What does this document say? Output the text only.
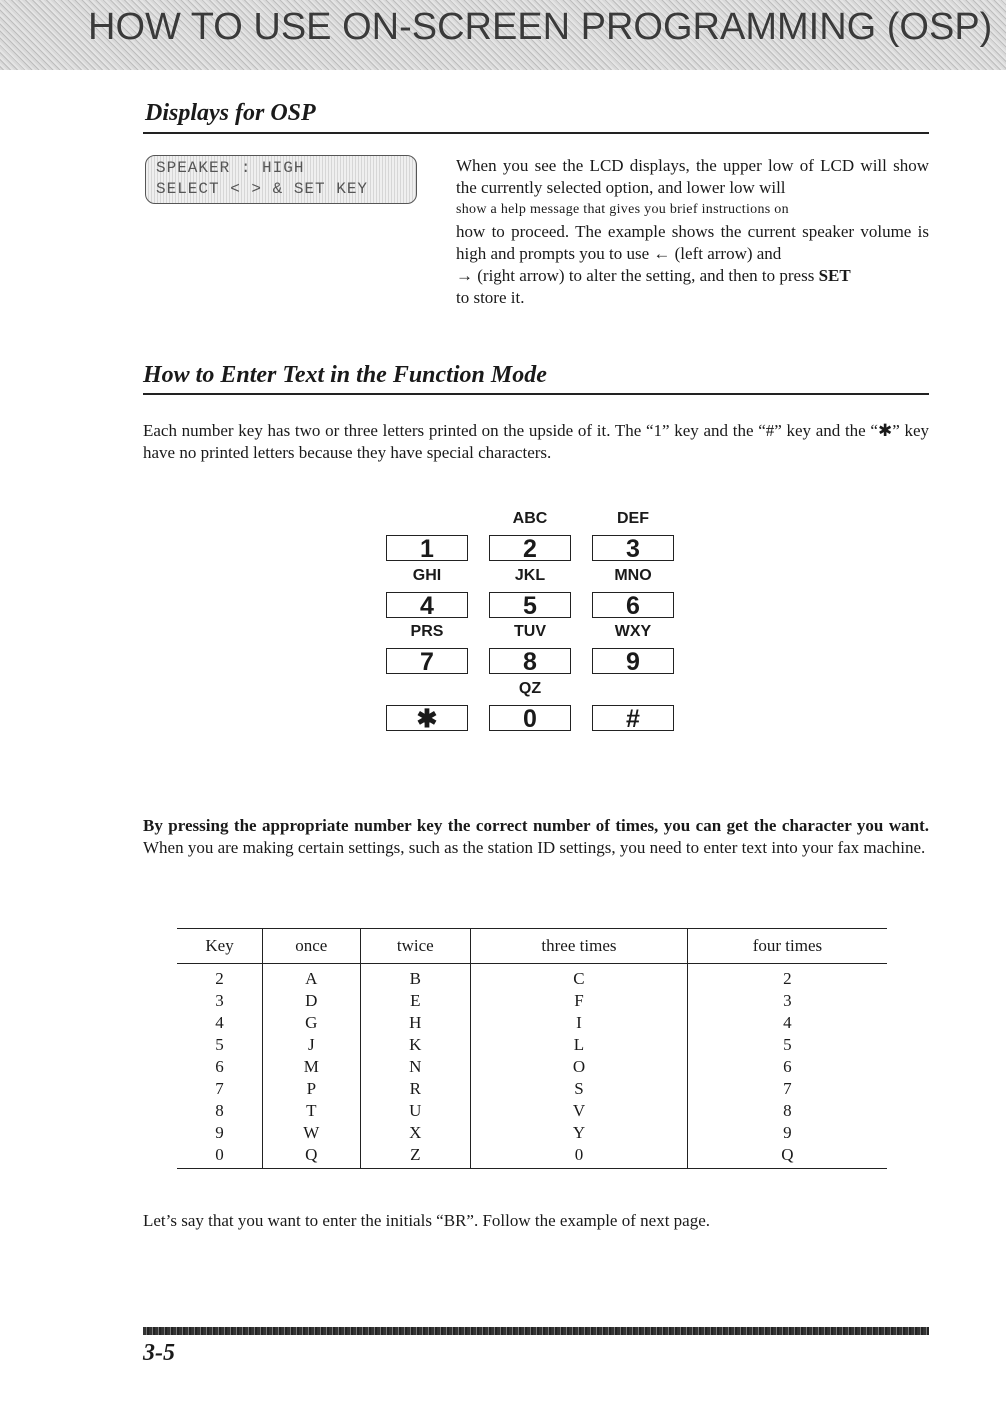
HOW TO USE ON-SCREEN PROGRAMMING (OSP)
Displays for OSP
SPEAKER : HIGH
SELECT < > & SET KEY

When you see the LCD displays, the upper low of LCD will show the currently selected option, and lower low will

show a help message that gives you brief instructions on

how to proceed. The example shows the current speaker volume is high and prompts you to use ← (left arrow) and

→ (right arrow) to alter the setting, and then to press SET

to store it.

How to Enter Text in the Function Mode
Each number key has two or three letters printed on the upside of it. The “1” key and the “#” key and the “✱” key have no printed letters because they have special characters.
1
ABC
2
DEF
3
GHI
4
JKL
5
MNO
6
PRS
7
TUV
8
WXY
9
✱
QZ
0	#
By pressing the appropriate number key the correct number of times, you can get the character you want. When you are making certain settings, such as the station ID settings, you need to enter text into your fax machine.
Key	once	twice	three times	four times
2	A	B	C	2
3	D	E	F	3
4	G	H	I	4
5	J	K	L	5
6	M	N	O	6
7	P	R	S	7
8	T	U	V	8
9	W	X	Y	9
0	Q	Z	0	Q
Let’s say that you want to enter the initials “BR”. Follow the example of next page.
3-5
